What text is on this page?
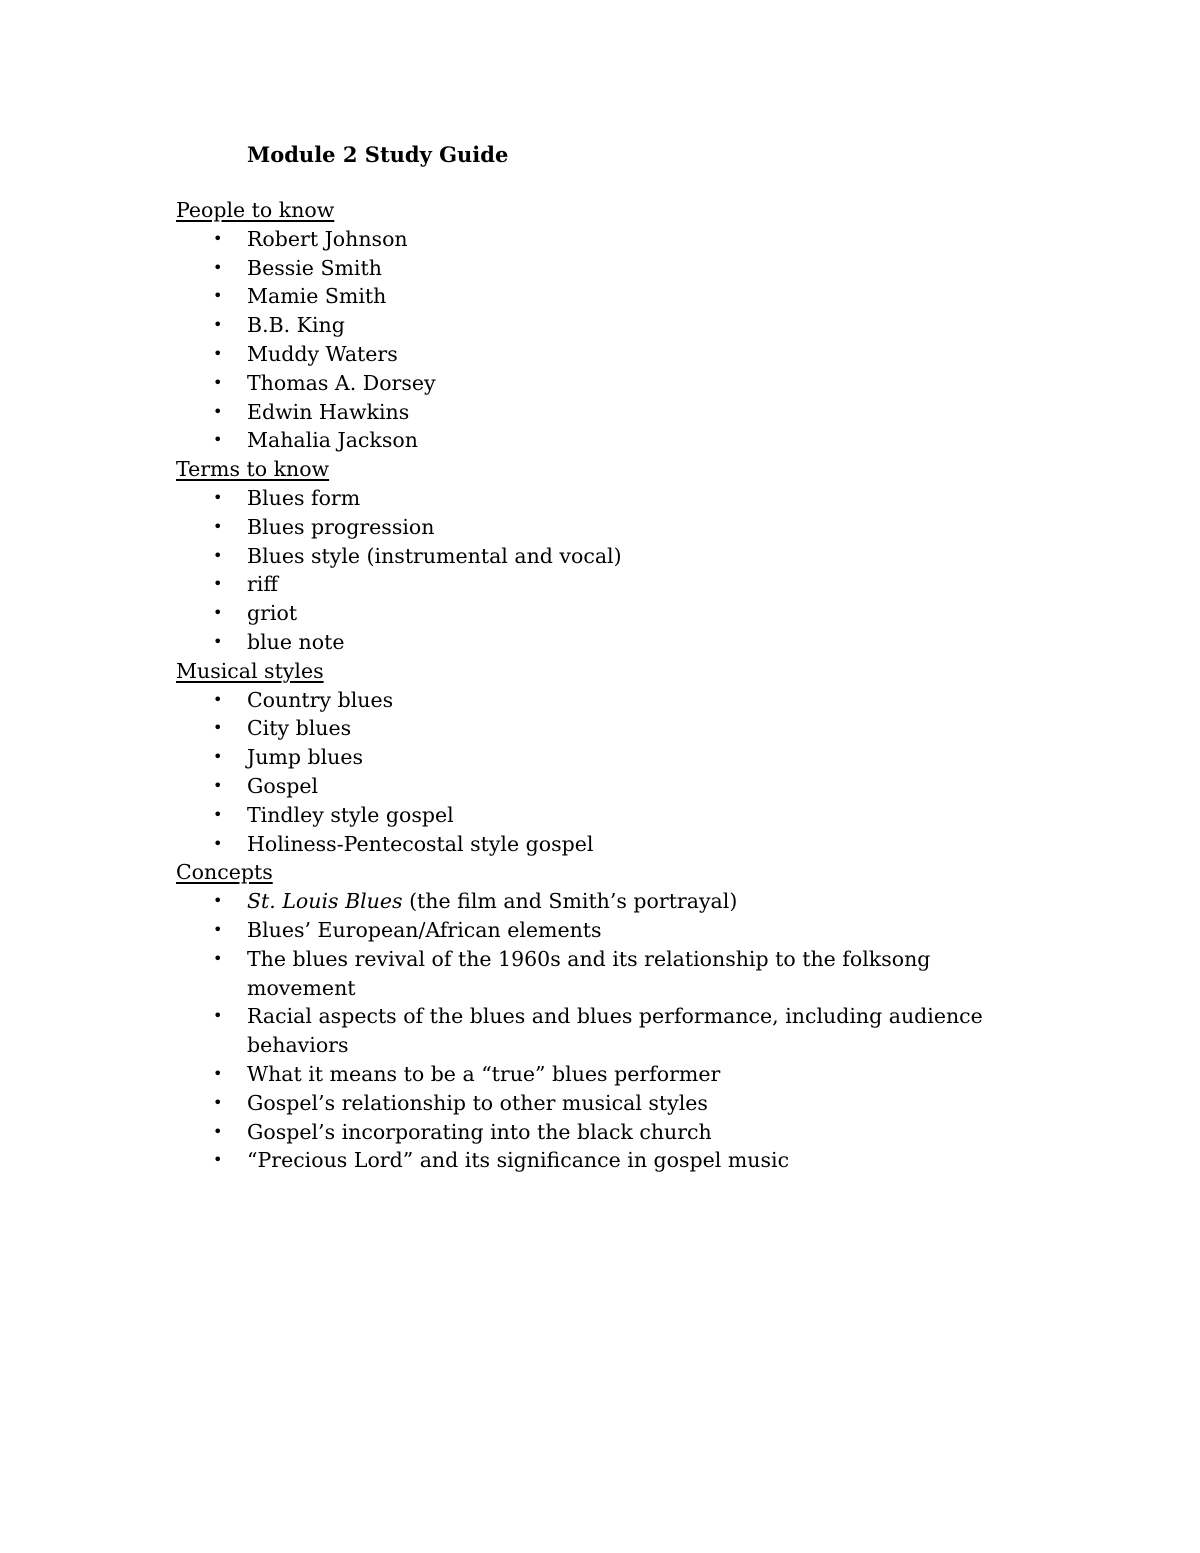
Module 2 Study Guide
People to know
• Robert Johnson
• Bessie Smith
• Mamie Smith
• B.B. King
• Muddy Waters
• Thomas A. Dorsey
• Edwin Hawkins
• Mahalia Jackson
Terms to know
• Blues form
• Blues progression
• Blues style (instrumental and vocal)
• riff
• griot
• blue note
Musical styles
• Country blues
• City blues
• Jump blues
• Gospel
• Tindley style gospel
• Holiness-Pentecostal style gospel
Concepts
• St. Louis Blues (the film and Smith’s portrayal)
• Blues’ European/African elements
• The blues revival of the 1960s and its relationship to the folksong movement
• Racial aspects of the blues and blues performance, including audience behaviors
• What it means to be a “true” blues performer
• Gospel’s relationship to other musical styles
• Gospel’s incorporating into the black church
• “Precious Lord” and its significance in gospel music
